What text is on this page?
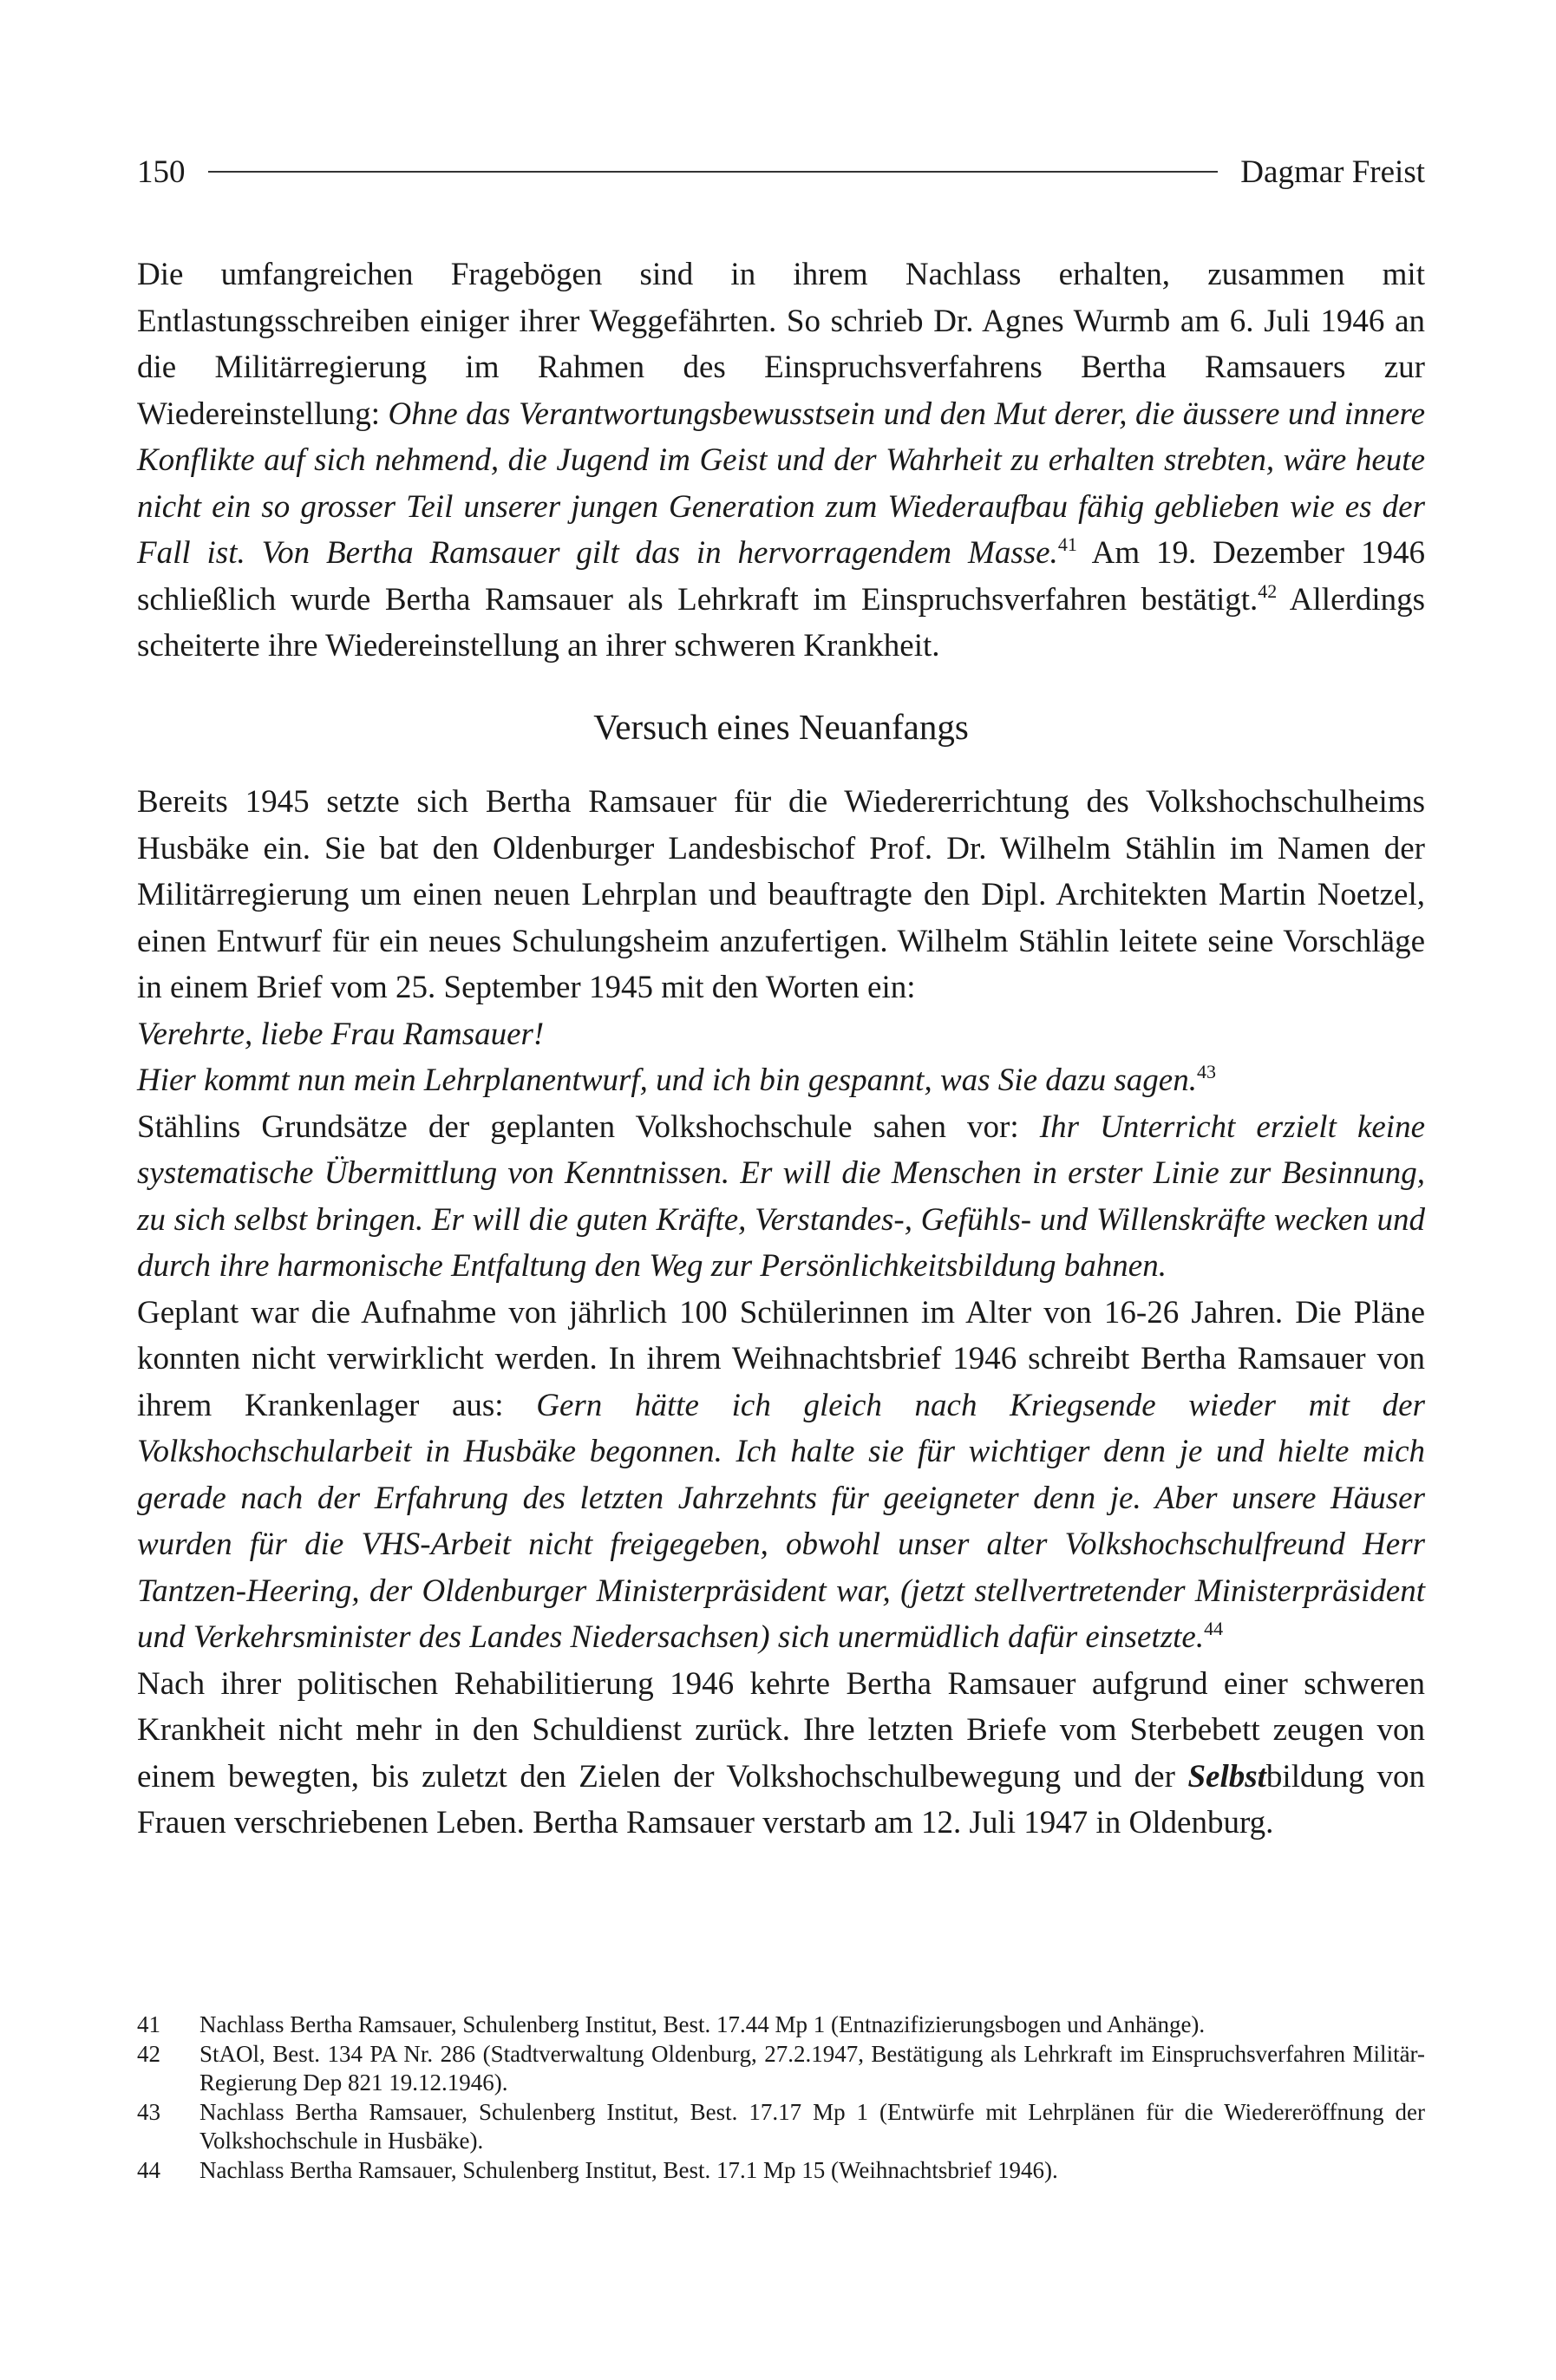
150	Dagmar Freist

Die umfangreichen Fragebögen sind in ihrem Nachlass erhalten, zusammen mit Entlastungsschreiben einiger ihrer Weggefährten. So schrieb Dr. Agnes Wurmb am 6. Juli 1946 an die Militärregierung im Rahmen des Einspruchsverfahrens Bertha Ramsauers zur Wiedereinstellung: Ohne das Verantwortungsbewusstsein und den Mut derer, die äussere und innere Konflikte auf sich nehmend, die Jugend im Geist und der Wahrheit zu erhalten strebten, wäre heute nicht ein so grosser Teil unserer jungen Generation zum Wiederaufbau fähig geblieben wie es der Fall ist. Von Bertha Ramsauer gilt das in hervorragendem Masse.$^{41}$ Am 19. Dezember 1946 schließlich wurde Bertha Ramsauer als Lehrkraft im Einspruchsverfahren bestätigt.$^{42}$ Allerdings scheiterte ihre Wiedereinstellung an ihrer schweren Krankheit.

Versuch eines Neuanfangs

Bereits 1945 setzte sich Bertha Ramsauer für die Wiedererrichtung des Volkshochschulheims Husbäke ein. Sie bat den Oldenburger Landesbischof Prof. Dr. Wilhelm Stählin im Namen der Militärregierung um einen neuen Lehrplan und beauftragte den Dipl. Architekten Martin Noetzel, einen Entwurf für ein neues Schulungsheim anzufertigen. Wilhelm Stählin leitete seine Vorschläge in einem Brief vom 25. September 1945 mit den Worten ein:

Verehrte, liebe Frau Ramsauer!

Hier kommt nun mein Lehrplanentwurf, und ich bin gespannt, was Sie dazu sagen.$^{43}$

Stählins Grundsätze der geplanten Volkshochschule sahen vor: Ihr Unterricht erzielt keine systematische Übermittlung von Kenntnissen. Er will die Menschen in erster Linie zur Besinnung, zu sich selbst bringen. Er will die guten Kräfte, Verstandes-, Gefühls- und Willenskräfte wecken und durch ihre harmonische Entfaltung den Weg zur Persönlichkeitsbildung bahnen.

Geplant war die Aufnahme von jährlich 100 Schülerinnen im Alter von 16-26 Jahren. Die Pläne konnten nicht verwirklicht werden. In ihrem Weihnachtsbrief 1946 schreibt Bertha Ramsauer von ihrem Krankenlager aus: Gern hätte ich gleich nach Kriegsende wieder mit der Volkshochschularbeit in Husbäke begonnen. Ich halte sie für wichtiger denn je und hielte mich gerade nach der Erfahrung des letzten Jahrzehnts für geeigneter denn je. Aber unsere Häuser wurden für die VHS-Arbeit nicht freigegeben, obwohl unser alter Volkshochschulfreund Herr Tantzen-Heering, der Oldenburger Ministerpräsident war, (jetzt stellvertretender Ministerpräsident und Verkehrsminister des Landes Niedersachsen) sich unermüdlich dafür einsetzte.$^{44}$

Nach ihrer politischen Rehabilitierung 1946 kehrte Bertha Ramsauer aufgrund einer schweren Krankheit nicht mehr in den Schuldienst zurück. Ihre letzten Briefe vom Sterbebett zeugen von einem bewegten, bis zuletzt den Zielen der Volkshochschulbewegung und der Selbstbildung von Frauen verschriebenen Leben. Bertha Ramsauer verstarb am 12. Juli 1947 in Oldenburg.

41	Nachlass Bertha Ramsauer, Schulenberg Institut, Best. 17.44 Mp 1 (Entnazifizierungsbogen und Anhänge).
42	StAOl, Best. 134 PA Nr. 286 (Stadtverwaltung Oldenburg, 27.2.1947, Bestätigung als Lehrkraft im Einspruchsverfahren Militär-Regierung Dep 821 19.12.1946).
43	Nachlass Bertha Ramsauer, Schulenberg Institut, Best. 17.17 Mp 1 (Entwürfe mit Lehrplänen für die Wiedereröffnung der Volkshochschule in Husbäke).
44	Nachlass Bertha Ramsauer, Schulenberg Institut, Best. 17.1 Mp 15 (Weihnachtsbrief 1946).
